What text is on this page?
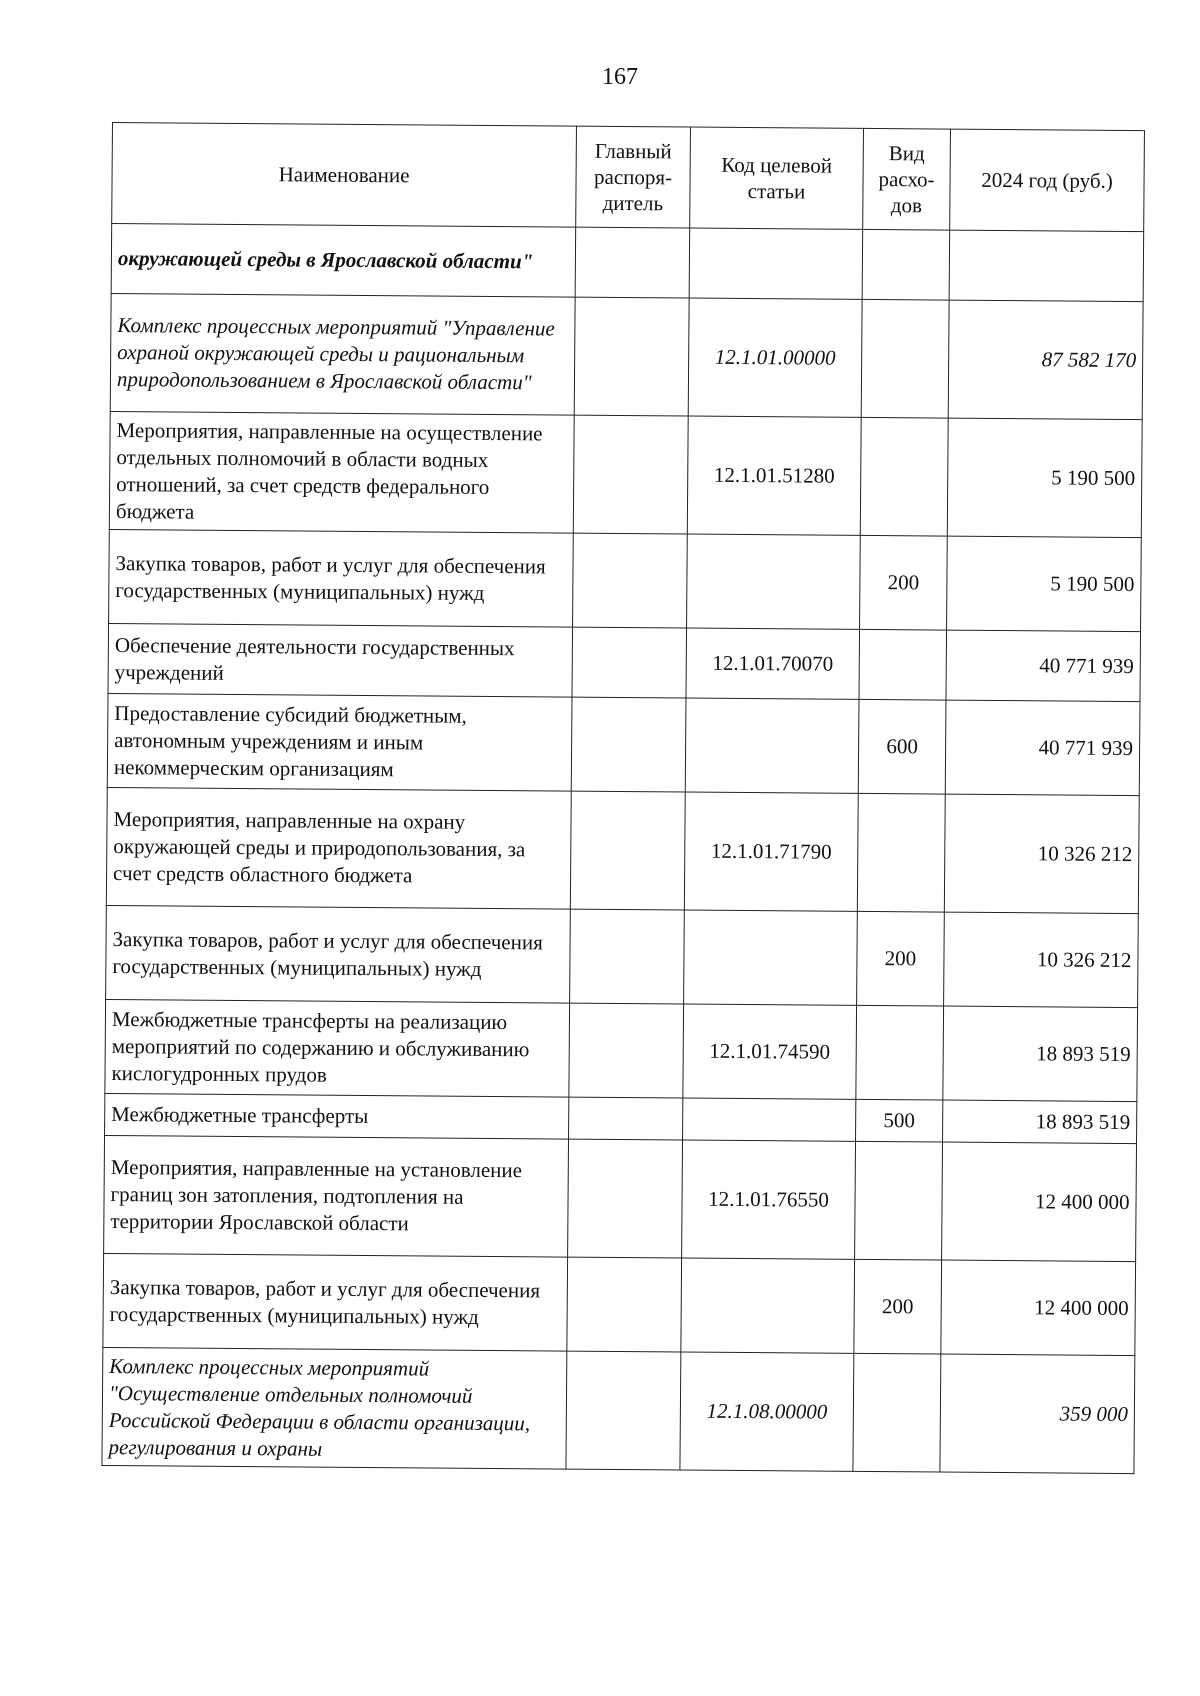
167
Наименование	Главный распоря-дитель	Код целевой статьи	Вид расхо-дов	2024 год (руб.)
окружающей среды в Ярославской области"				
Комплекс процессных мероприятий "Управление охраной окружающей среды и рациональным природопользованием в Ярославской области"		12.1.01.00000		87 582 170
Мероприятия, направленные на осуществление отдельных полномочий в области водных отношений, за счет средств федерального бюджета		12.1.01.51280		5 190 500
Закупка товаров, работ и услуг для обеспечения государственных (муниципальных) нужд			200	5 190 500
Обеспечение деятельности государственных учреждений		12.1.01.70070		40 771 939
Предоставление субсидий бюджетным, автономным учреждениям и иным некоммерческим организациям			600	40 771 939
Мероприятия, направленные на охрану окружающей среды и природопользования, за счет средств областного бюджета		12.1.01.71790		10 326 212
Закупка товаров, работ и услуг для обеспечения государственных (муниципальных) нужд			200	10 326 212
Межбюджетные трансферты на реализацию мероприятий по содержанию и обслуживанию кислогудронных прудов		12.1.01.74590		18 893 519
Межбюджетные трансферты			500	18 893 519
Мероприятия, направленные на установление границ зон затопления, подтопления на территории Ярославской области		12.1.01.76550		12 400 000
Закупка товаров, работ и услуг для обеспечения государственных (муниципальных) нужд			200	12 400 000
Комплекс процессных мероприятий "Осуществление отдельных полномочий Российской Федерации в области организации, регулирования и охраны		12.1.08.00000		359 000
